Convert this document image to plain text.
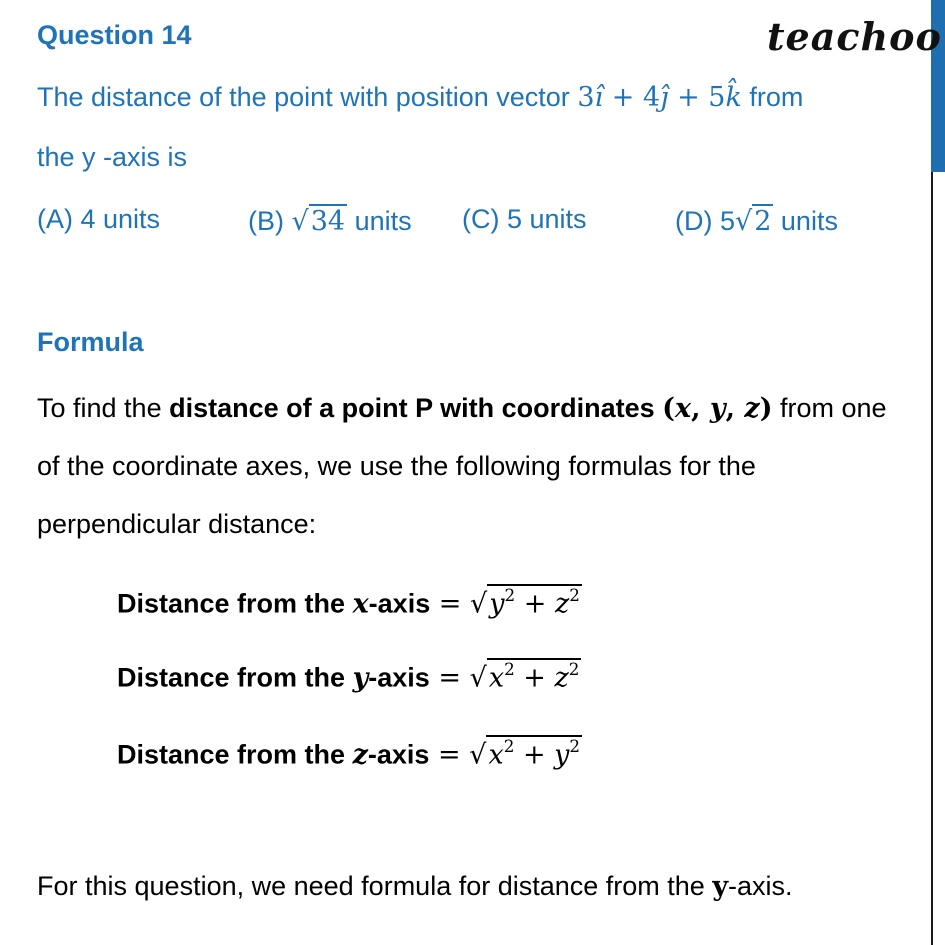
teachoo
Question 14
The distance of the point with position vector 3ı̂ + 4ȷ̂ + 5k̂ from
the y -axis is
(A) 4 units	(B) √34 units (C) 5 units	(D) 5√2 units
Formula
To find the distance of a point P with coordinates (x, y, z) from one
of the coordinate axes, we use the following formulas for the
perpendicular distance:
Distance from the x-axis = $√y^2 + z^2$
Distance from the y-axis = $√x^2 + z^2$
Distance from the z-axis = $√x^2 + y^2$
For this question, we need formula for distance from the y-axis.
